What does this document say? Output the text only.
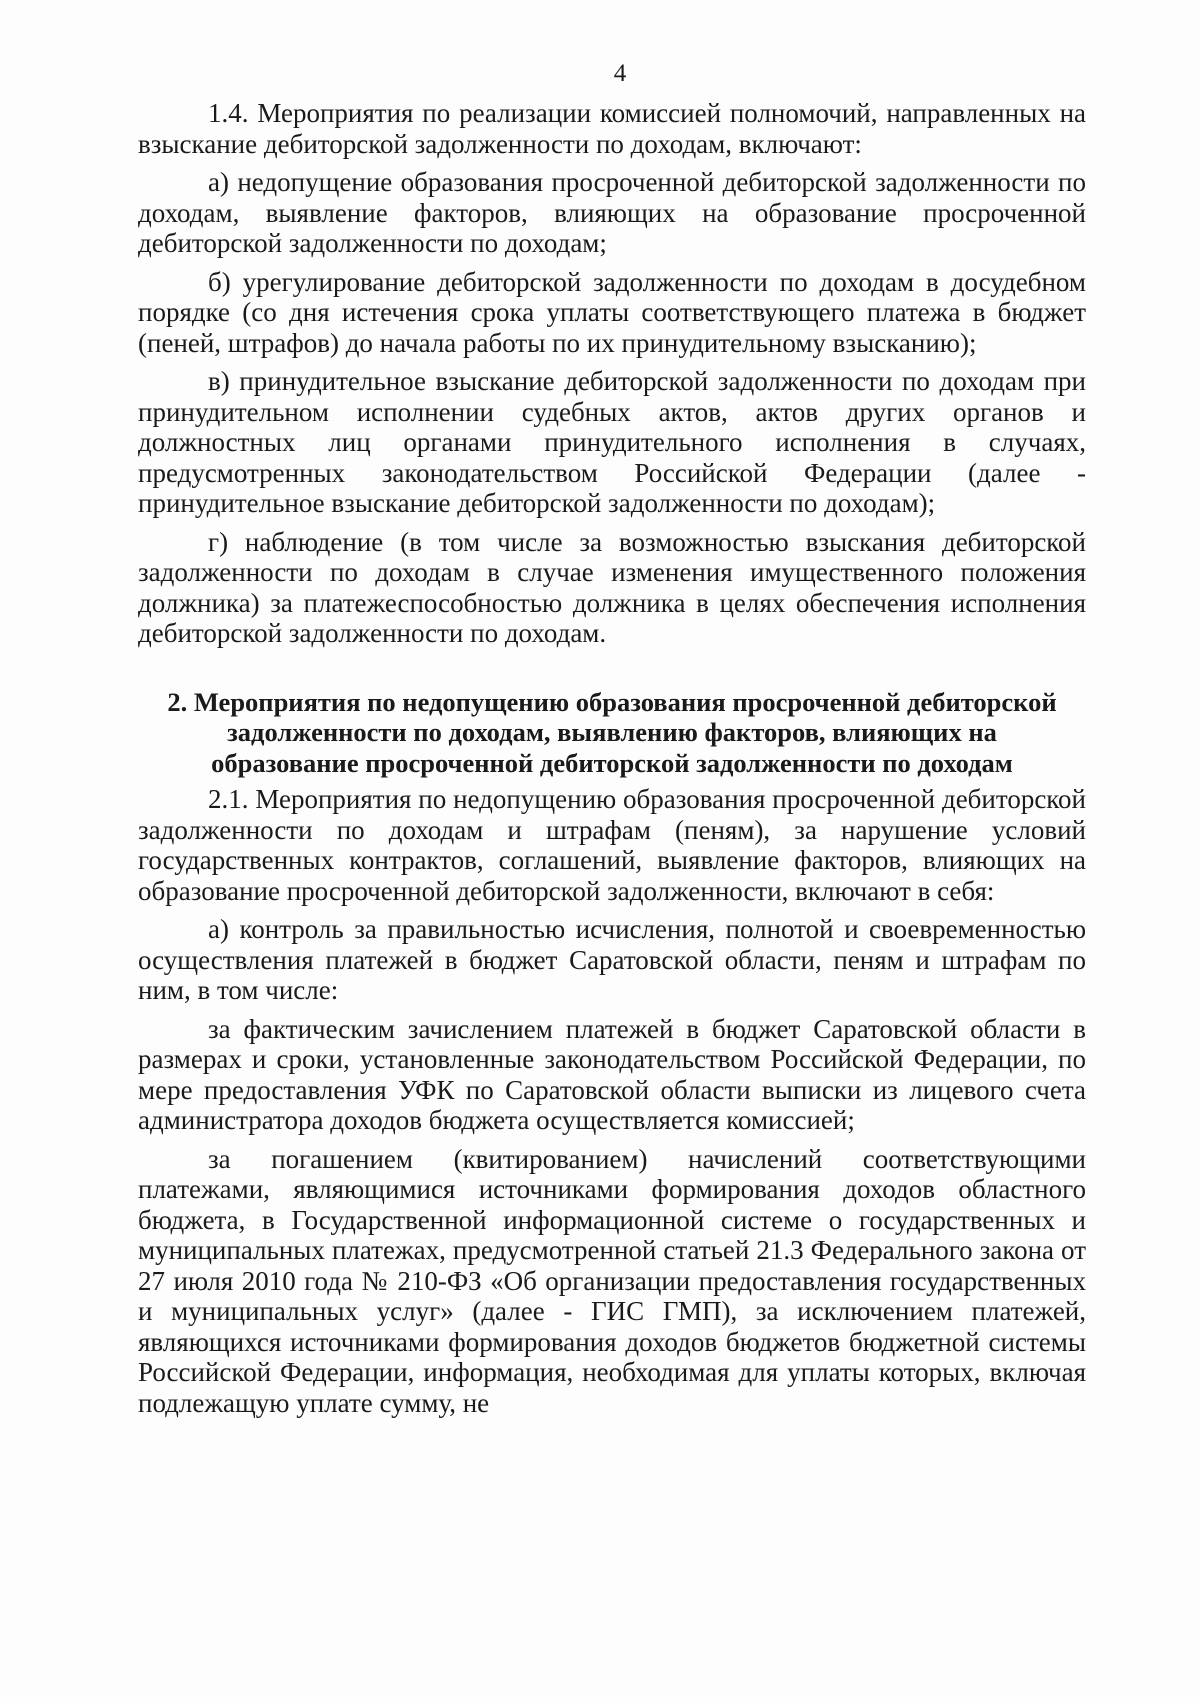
4

1.4. Мероприятия по реализации комиссией полномочий, направленных на взыскание дебиторской задолженности по доходам, включают:

а) недопущение образования просроченной дебиторской задолженности по доходам, выявление факторов, влияющих на образование просроченной дебиторской задолженности по доходам;

б) урегулирование дебиторской задолженности по доходам в досудебном порядке (со дня истечения срока уплаты соответствующего платежа в бюджет (пеней, штрафов) до начала работы по их принудительному взысканию);

в) принудительное взыскание дебиторской задолженности по доходам при принудительном исполнении судебных актов, актов других органов и должностных лиц органами принудительного исполнения в случаях, предусмотренных законодательством Российской Федерации (далее - принудительное взыскание дебиторской задолженности по доходам);

г) наблюдение (в том числе за возможностью взыскания дебиторской задолженности по доходам в случае изменения имущественного положения должника) за платежеспособностью должника в целях обеспечения исполнения дебиторской задолженности по доходам.

2. Мероприятия по недопущению образования просроченной дебиторской
задолженности по доходам, выявлению факторов, влияющих на
образование просроченной дебиторской задолженности по доходам

2.1. Мероприятия по недопущению образования просроченной дебиторской задолженности по доходам и штрафам (пеням), за нарушение условий государственных контрактов, соглашений, выявление факторов, влияющих на образование просроченной дебиторской задолженности, включают в себя:

а) контроль за правильностью исчисления, полнотой и своевременностью осуществления платежей в бюджет Саратовской области, пеням и штрафам по ним, в том числе:

за фактическим зачислением платежей в бюджет Саратовской области в размерах и сроки, установленные законодательством Российской Федерации, по мере предоставления УФК по Саратовской области выписки из лицевого счета администратора доходов бюджета осуществляется комиссией;

за погашением (квитированием) начислений соответствующими платежами, являющимися источниками формирования доходов областного бюджета, в Государственной информационной системе о государственных и муниципальных платежах, предусмотренной статьей 21.3 Федерального закона от 27 июля 2010 года № 210-ФЗ «Об организации предоставления государственных и муниципальных услуг» (далее - ГИС ГМП), за исключением платежей, являющихся источниками формирования доходов бюджетов бюджетной системы Российской Федерации, информация, необходимая для уплаты которых, включая подлежащую уплате сумму, не
